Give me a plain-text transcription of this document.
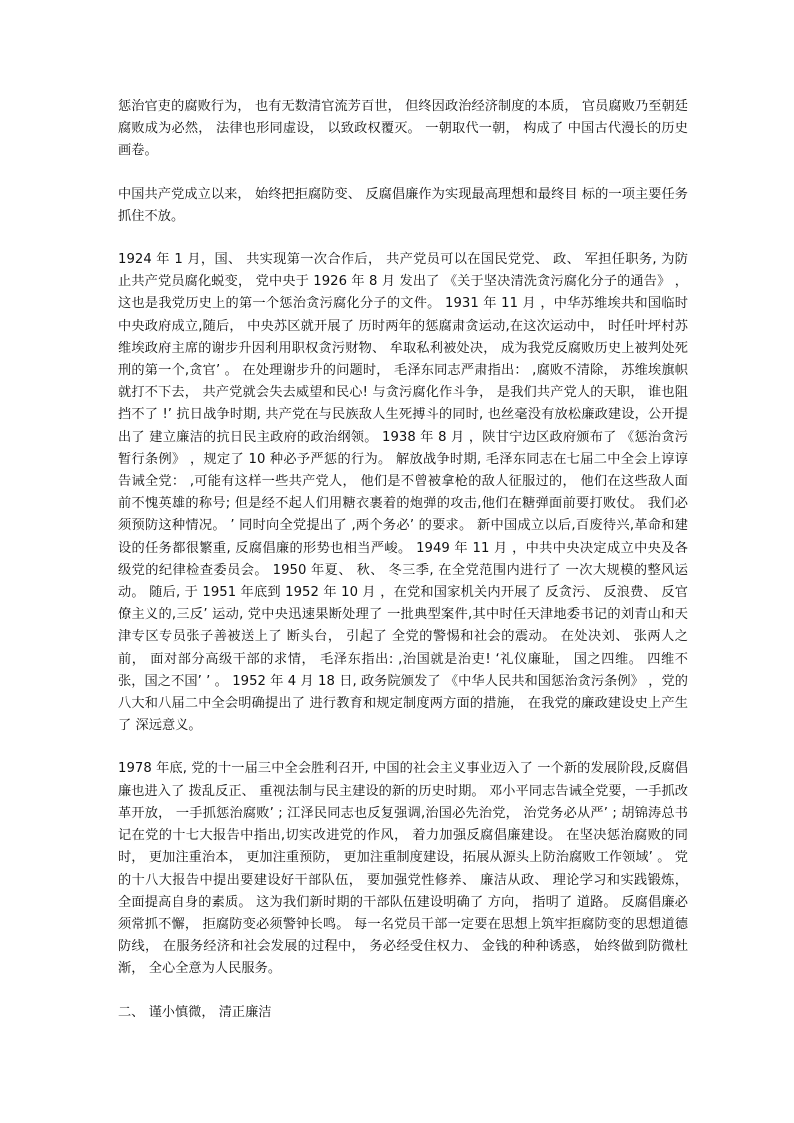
惩治官吏的腐败行为， 也有无数清官流芳百世， 但终因政治经济制度的本质， 官员腐败乃至朝廷腐败成为必然， 法律也形同虚设， 以致政权覆灭。 一朝取代一朝， 构成了 中国古代漫长的历史画卷。

中国共产党成立以来， 始终把拒腐防变、 反腐倡廉作为实现最高理想和最终目 标的一项主要任务抓住不放。

1924 年 1 月，国、 共实现第一次合作后， 共产党员可以在国民党党、 政、 军担任职务, 为防止共产党员腐化蜕变， 党中央于 1926 年 8 月 发出了 《关于坚决清洗贪污腐化分子的通告》 ， 这也是我党历史上的第一个惩治贪污腐化分子的文件。 1931 年 11 月 ，中华苏维埃共和国临时中央政府成立,随后， 中央苏区就开展了 历时两年的惩腐肃贪运动,在这次运动中， 时任叶坪村苏维埃政府主席的谢步升因利用职权贪污财物、 牟取私利被处决， 成为我党反腐败历史上被判处死刑的第一个,贪官’ 。 在处理谢步升的问题时， 毛泽东同志严肃指出： ,腐败不清除， 苏维埃旗帜就打不下去， 共产党就会失去威望和民心! 与贪污腐化作斗争， 是我们共产党人的天职， 谁也阻挡不了 !’ 抗日战争时期, 共产党在与民族敌人生死搏斗的同时, 也丝毫没有放松廉政建设，公开提出了 建立廉洁的抗日民主政府的政治纲领。 1938 年 8 月 ，陕甘宁边区政府颁布了 《惩治贪污暂行条例》 ，规定了 10 种必予严惩的行为。 解放战争时期, 毛泽东同志在七届二中全会上谆谆告诫全党： ,可能有这样一些共产党人， 他们是不曾被拿枪的敌人征服过的， 他们在这些敌人面前不愧英雄的称号; 但是经不起人们用糖衣裹着的炮弹的攻击,他们在糖弹面前要打败仗。 我们必须预防这种情况。 ’ 同时向全党提出了 ,两个务必’ 的要求。 新中国成立以后,百废待兴,革命和建设的任务都很繁重, 反腐倡廉的形势也相当严峻。 1949 年 11 月 ，中共中央决定成立中央及各级党的纪律检查委员会。 1950 年夏、 秋、 冬三季, 在全党范围内进行了 一次大规模的整风运动。 随后, 于 1951 年底到 1952 年 10 月 ，在党和国家机关内开展了 反贪污、 反浪费、 反官僚主义的,三反’ 运动, 党中央迅速果断处理了 一批典型案件,其中时任天津地委书记的刘青山和天津专区专员张子善被送上了 断头台， 引起了 全党的警惕和社会的震动。 在处决刘、 张两人之前， 面对部分高级干部的求情， 毛泽东指出: ,治国就是治吏! ‘礼仪廉耻， 国之四维。 四维不张，国之不国’ ’ 。 1952 年 4 月 18 日, 政务院颁发了 《中华人民共和国惩治贪污条例》 ，党的八大和八届二中全会明确提出了 进行教育和规定制度两方面的措施， 在我党的廉政建设史上产生了 深远意义。

1978 年底, 党的十一届三中全会胜利召开, 中国的社会主义事业迈入了 一个新的发展阶段,反腐倡廉也进入了 拨乱反正、 重视法制与民主建设的新的历史时期。 邓小平同志告诫全党要，一手抓改革开放， 一手抓惩治腐败’ ; 江泽民同志也反复强调,治国必先治党， 治党务必从严’ ; 胡锦涛总书记在党的十七大报告中指出,切实改进党的作风， 着力加强反腐倡廉建设。 在坚决惩治腐败的同时， 更加注重治本， 更加注重预防， 更加注重制度建设，拓展从源头上防治腐败工作领域’ 。 党的十八大报告中提出要建设好干部队伍， 要加强党性修养、 廉洁从政、 理论学习和实践锻炼， 全面提高自身的素质。 这为我们新时期的干部队伍建设明确了 方向， 指明了 道路。 反腐倡廉必须常抓不懈， 拒腐防变必须警钟长鸣。 每一名党员干部一定要在思想上筑牢拒腐防变的思想道德防线， 在服务经济和社会发展的过程中， 务必经受住权力、 金钱的种种诱惑， 始终做到防微杜渐， 全心全意为人民服务。

二、 谨小慎微， 清正廉洁
